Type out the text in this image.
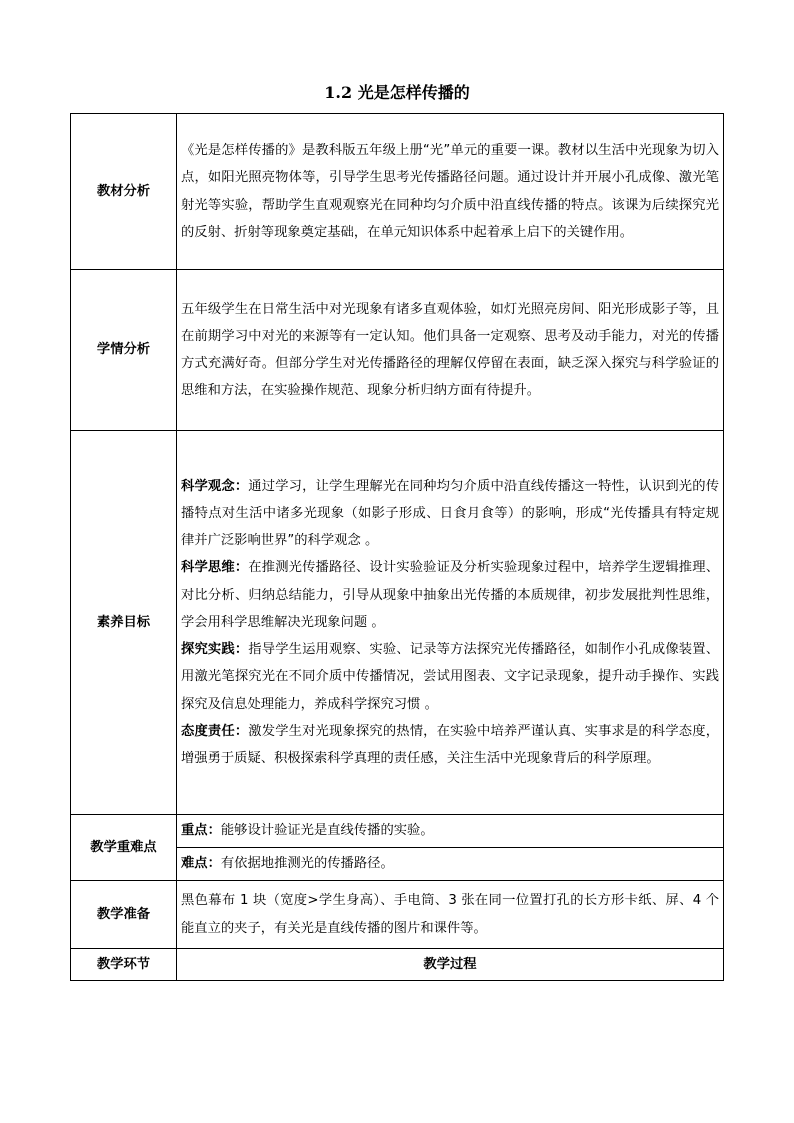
1.2 光是怎样传播的
教材分析	《光是怎样传播的》是教科版五年级上册“光”单元的重要一课。教材以生活中光现象为切入点，如阳光照亮物体等，引导学生思考光传播路径问题。通过设计并开展小孔成像、激光笔射光等实验，帮助学生直观观察光在同种均匀介质中沿直线传播的特点。该课为后续探究光的反射、折射等现象奠定基础，在单元知识体系中起着承上启下的关键作用。
学情分析	五年级学生在日常生活中对光现象有诸多直观体验，如灯光照亮房间、阳光形成影子等，且在前期学习中对光的来源等有一定认知。他们具备一定观察、思考及动手能力，对光的传播方式充满好奇。但部分学生对光传播路径的理解仅停留在表面，缺乏深入探究与科学验证的思维和方法，在实验操作规范、现象分析归纳方面有待提升。
素养目标	科学观念：通过学习，让学生理解光在同种均匀介质中沿直线传播这一特性，认识到光的传播特点对生活中诸多光现象（如影子形成、日食月食等）的影响，形成“光传播具有特定规律并广泛影响世界”的科学观念 。

科学思维：在推测光传播路径、设计实验验证及分析实验现象过程中，培养学生逻辑推理、对比分析、归纳总结能力，引导从现象中抽象出光传播的本质规律，初步发展批判性思维，学会用科学思维解决光现象问题 。

探究实践：指导学生运用观察、实验、记录等方法探究光传播路径，如制作小孔成像装置、用激光笔探究光在不同介质中传播情况，尝试用图表、文字记录现象，提升动手操作、实践探究及信息处理能力，养成科学探究习惯 。

态度责任：激发学生对光现象探究的热情，在实验中培养严谨认真、实事求是的科学态度，增强勇于质疑、积极探索科学真理的责任感，关注生活中光现象背后的科学原理。

教学重难点	重点：能够设计验证光是直线传播的实验。
	难点：有依据地推测光的传播路径。
教学准备	黑色幕布 1 块（宽度>学生身高）、手电筒、3 张在同一位置打孔的长方形卡纸、屏、4 个能直立的夹子，有关光是直线传播的图片和课件等。
教学环节	教学过程
